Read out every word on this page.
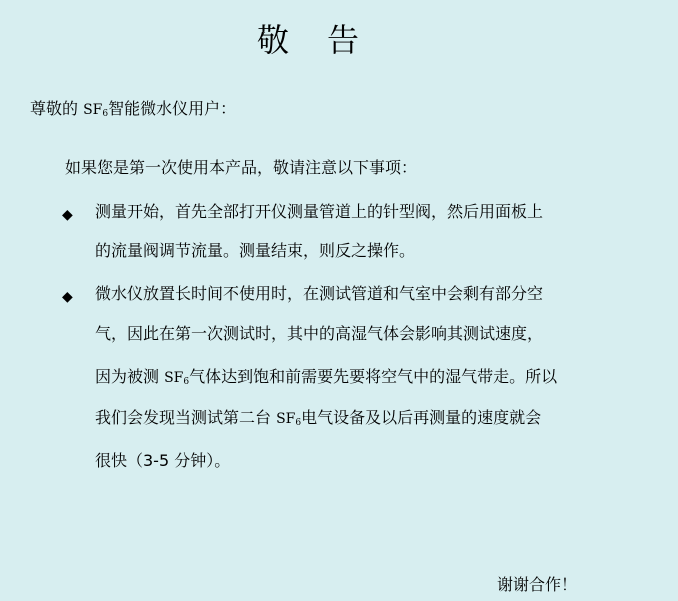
敬 告
尊敬的 SF6智能微水仪用户：
如果您是第一次使用本产品，敬请注意以下事项：
◆ 测量开始，首先全部打开仪测量管道上的针型阀，然后用面板上
的流量阀调节流量。测量结束，则反之操作。
◆ 微水仪放置长时间不使用时，在测试管道和气室中会剩有部分空
气，因此在第一次测试时，其中的高湿气体会影响其测试速度，
因为被测 SF6气体达到饱和前需要先要将空气中的湿气带走。所以
我们会发现当测试第二台 SF6电气设备及以后再测量的速度就会
很快（3-5 分钟）。
谢谢合作！
